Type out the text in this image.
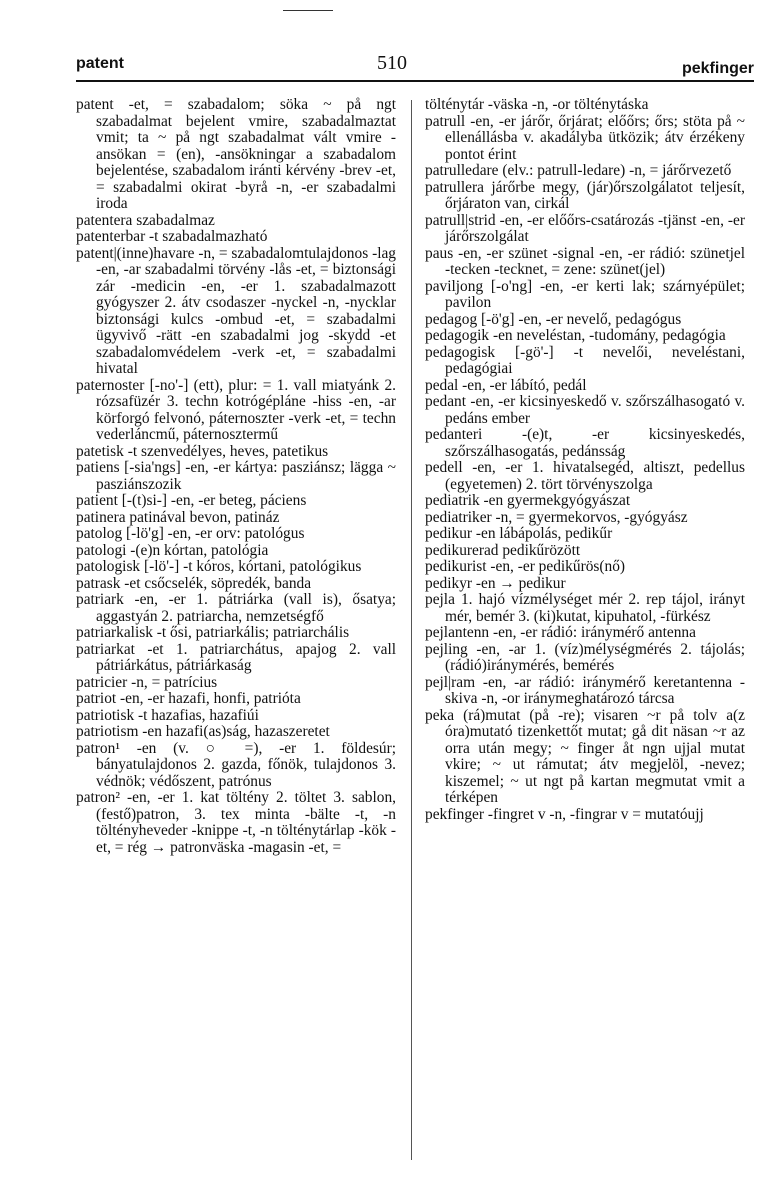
patent	510	pekfinger

patent -et, = szabadalom; söka ~ på ngt szabadalmat bejelent vmire, szabadalmaztat vmit; ta ~ på ngt szabadalmat vált vmire -ansökan = (en), -ansökningar a szabadalom bejelentése, szabadalom iránti kérvény -brev -et, = szabadalmi okirat -byrå -n, -er szabadalmi iroda

patentera szabadalmaz

patenterbar -t szabadalmazható

patent|(inne)havare -n, = szabadalomtulajdonos -lag -en, -ar szabadalmi törvény -lås -et, = biztonsági zár -medicin -en, -er 1. szabadalmazott gyógyszer 2. átv csodaszer -nyckel -n, -nycklar biztonsági kulcs -ombud -et, = szabadalmi ügyvivő -rätt -en szabadalmi jog -skydd -et szabadalomvédelem -verk -et, = szabadalmi hivatal

paternoster [-no'-] (ett), plur: = 1. vall miatyánk 2. rózsafüzér 3. techn kotrógépláne -hiss -en, -ar körforgó felvonó, páternoszter -verk -et, = techn vederláncmű, páternosztermű

patetisk -t szenvedélyes, heves, patetikus

patiens [-sia'ngs] -en, -er kártya: pasziánsz; lägga ~ pasziánszozik

patient [-(t)si-] -en, -er beteg, páciens

patinera patinával bevon, patináz

patolog [-lö'g] -en, -er orv: patológus

patologi -(e)n kórtan, patológia

patologisk [-lö'-] -t kóros, kórtani, patológikus

patrask -et csőcselék, söpredék, banda

patriark -en, -er 1. pátriárka (vall is), ősatya; aggastyán 2. patriarcha, nemzetségfő

patriarkalisk -t ősi, patriarkális; patriarchális

patriarkat -et 1. patriarchátus, apajog 2. vall pátriárkátus, pátriárkaság

patricier -n, = patrícius

patriot -en, -er hazafi, honfi, patrióta

patriotisk -t hazafias, hazafiúi

patriotism -en hazafi(as)ság, hazaszeretet

patron¹ -en (v. ○ =), -er 1. földesúr; bányatulajdonos 2. gazda, főnök, tulajdonos 3. védnök; védőszent, patrónus

patron² -en, -er 1. kat töltény 2. töltet 3. sablon, (festő)patron, 3. tex minta -bälte -t, -n töltényheveder -knippe -t, -n tölténytárlap -kök -et, = rég → patronväska -magasin -et, =

tölténytár -väska -n, -or tölténytáska

patrull -en, -er járőr, őrjárat; előőrs; őrs; stöta på ~ ellenállásba v. akadályba ütközik; átv érzékeny pontot érint

patrulledare (elv.: patrull-ledare) -n, = járőrvezető

patrullera járőrbe megy, (jár)őrszolgálatot teljesít, őrjáraton van, cirkál

patrull|strid -en, -er előőrs-csatározás -tjänst -en, -er járőrszolgálat

paus -en, -er szünet -signal -en, -er rádió: szünetjel -tecken -tecknet, = zene: szünet(jel)

paviljong [-o'ng] -en, -er kerti lak; szárnyépület; pavilon

pedagog [-ö'g] -en, -er nevelő, pedagógus

pedagogik -en neveléstan, -tudomány, pedagógia

pedagogisk [-gö'-] -t nevelői, neveléstani, pedagógiai

pedal -en, -er lábító, pedál

pedant -en, -er kicsinyeskedő v. szőrszálhasogató v. pedáns ember

pedanteri -(e)t, -er kicsinyeskedés, szőrszálhasogatás, pedánsság

pedell -en, -er 1. hivatalsegéd, altiszt, pedellus (egyetemen) 2. tört törvényszolga

pediatrik -en gyermekgyógyászat

pediatriker -n, = gyermekorvos, -gyógyász

pedikur -en lábápolás, pedikűr

pedikurerad pedikűrözött

pedikurist -en, -er pedikűrös(nő)

pedikyr -en → pedikur

pejla 1. hajó vízmélységet mér 2. rep tájol, irányt mér, bemér 3. (ki)kutat, kipuhatol, -fürkész

pejlantenn -en, -er rádió: iránymérő antenna

pejling -en, -ar 1. (víz)mélységmérés 2. tájolás; (rádió)iránymérés, bemérés

pejl|ram -en, -ar rádió: iránymérő keretantenna -skiva -n, -or iránymeghatározó tárcsa

peka (rá)mutat (på -re); visaren ~r på tolv a(z óra)mutató tizenkettőt mutat; gå dit näsan ~r az orra után megy; ~ finger åt ngn ujjal mutat vkire; ~ ut rámutat; átv megjelöl, -nevez; kiszemel; ~ ut ngt på kartan megmutat vmit a térképen

pekfinger -fingret v -n, -fingrar v = mutatóujj
